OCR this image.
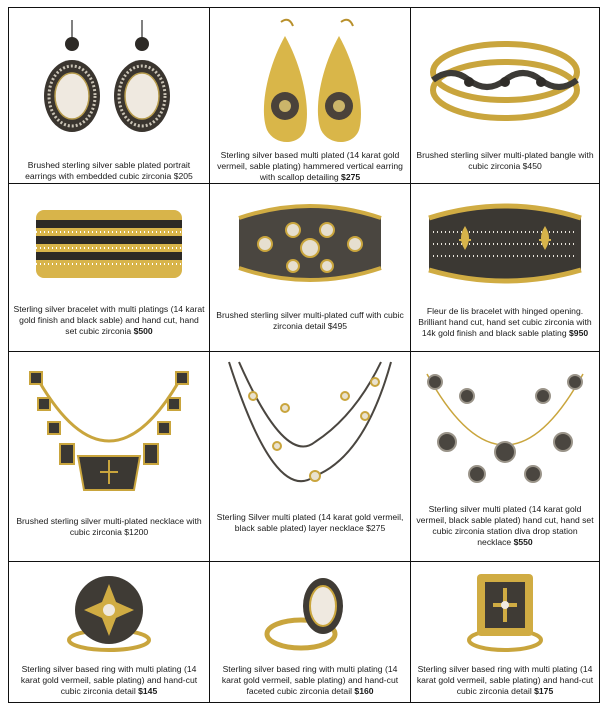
Brushed sterling silver sable plated portrait earrings with embedded cubic zirconia $205
Sterling silver based multi plated (14 karat gold vermeil, sable plating) hammered vertical earring with scallop detailing $275
Brushed sterling silver multi-plated bangle with cubic zirconia $450
Sterling silver bracelet with multi platings (14 karat gold finish and black sable) and hand cut, hand set cubic zirconia $500
Brushed sterling silver multi-plated cuff with cubic zirconia detail $495
Fleur de lis bracelet with hinged opening. Brilliant hand cut, hand set cubic zirconia with 14k gold finish and black sable plating $950
Brushed sterling silver multi-plated necklace with cubic zirconia $1200
Sterling Silver multi plated (14 karat gold vermeil, black sable plated) layer necklace $275
Sterling silver multi plated (14 karat gold vermeil, black sable plated) hand cut, hand set cubic zirconia station diva drop station necklace $550
Sterling silver based ring with multi plating (14 karat gold vermeil, sable plating) and hand-cut cubic zirconia detail $145
Sterling silver based ring with multi plating (14 karat gold vermeil, sable plating) and hand-cut faceted cubic zirconia detail $160
Sterling silver based ring with multi plating (14 karat gold vermeil, sable plating) and hand-cut cubic zirconia detail $175
